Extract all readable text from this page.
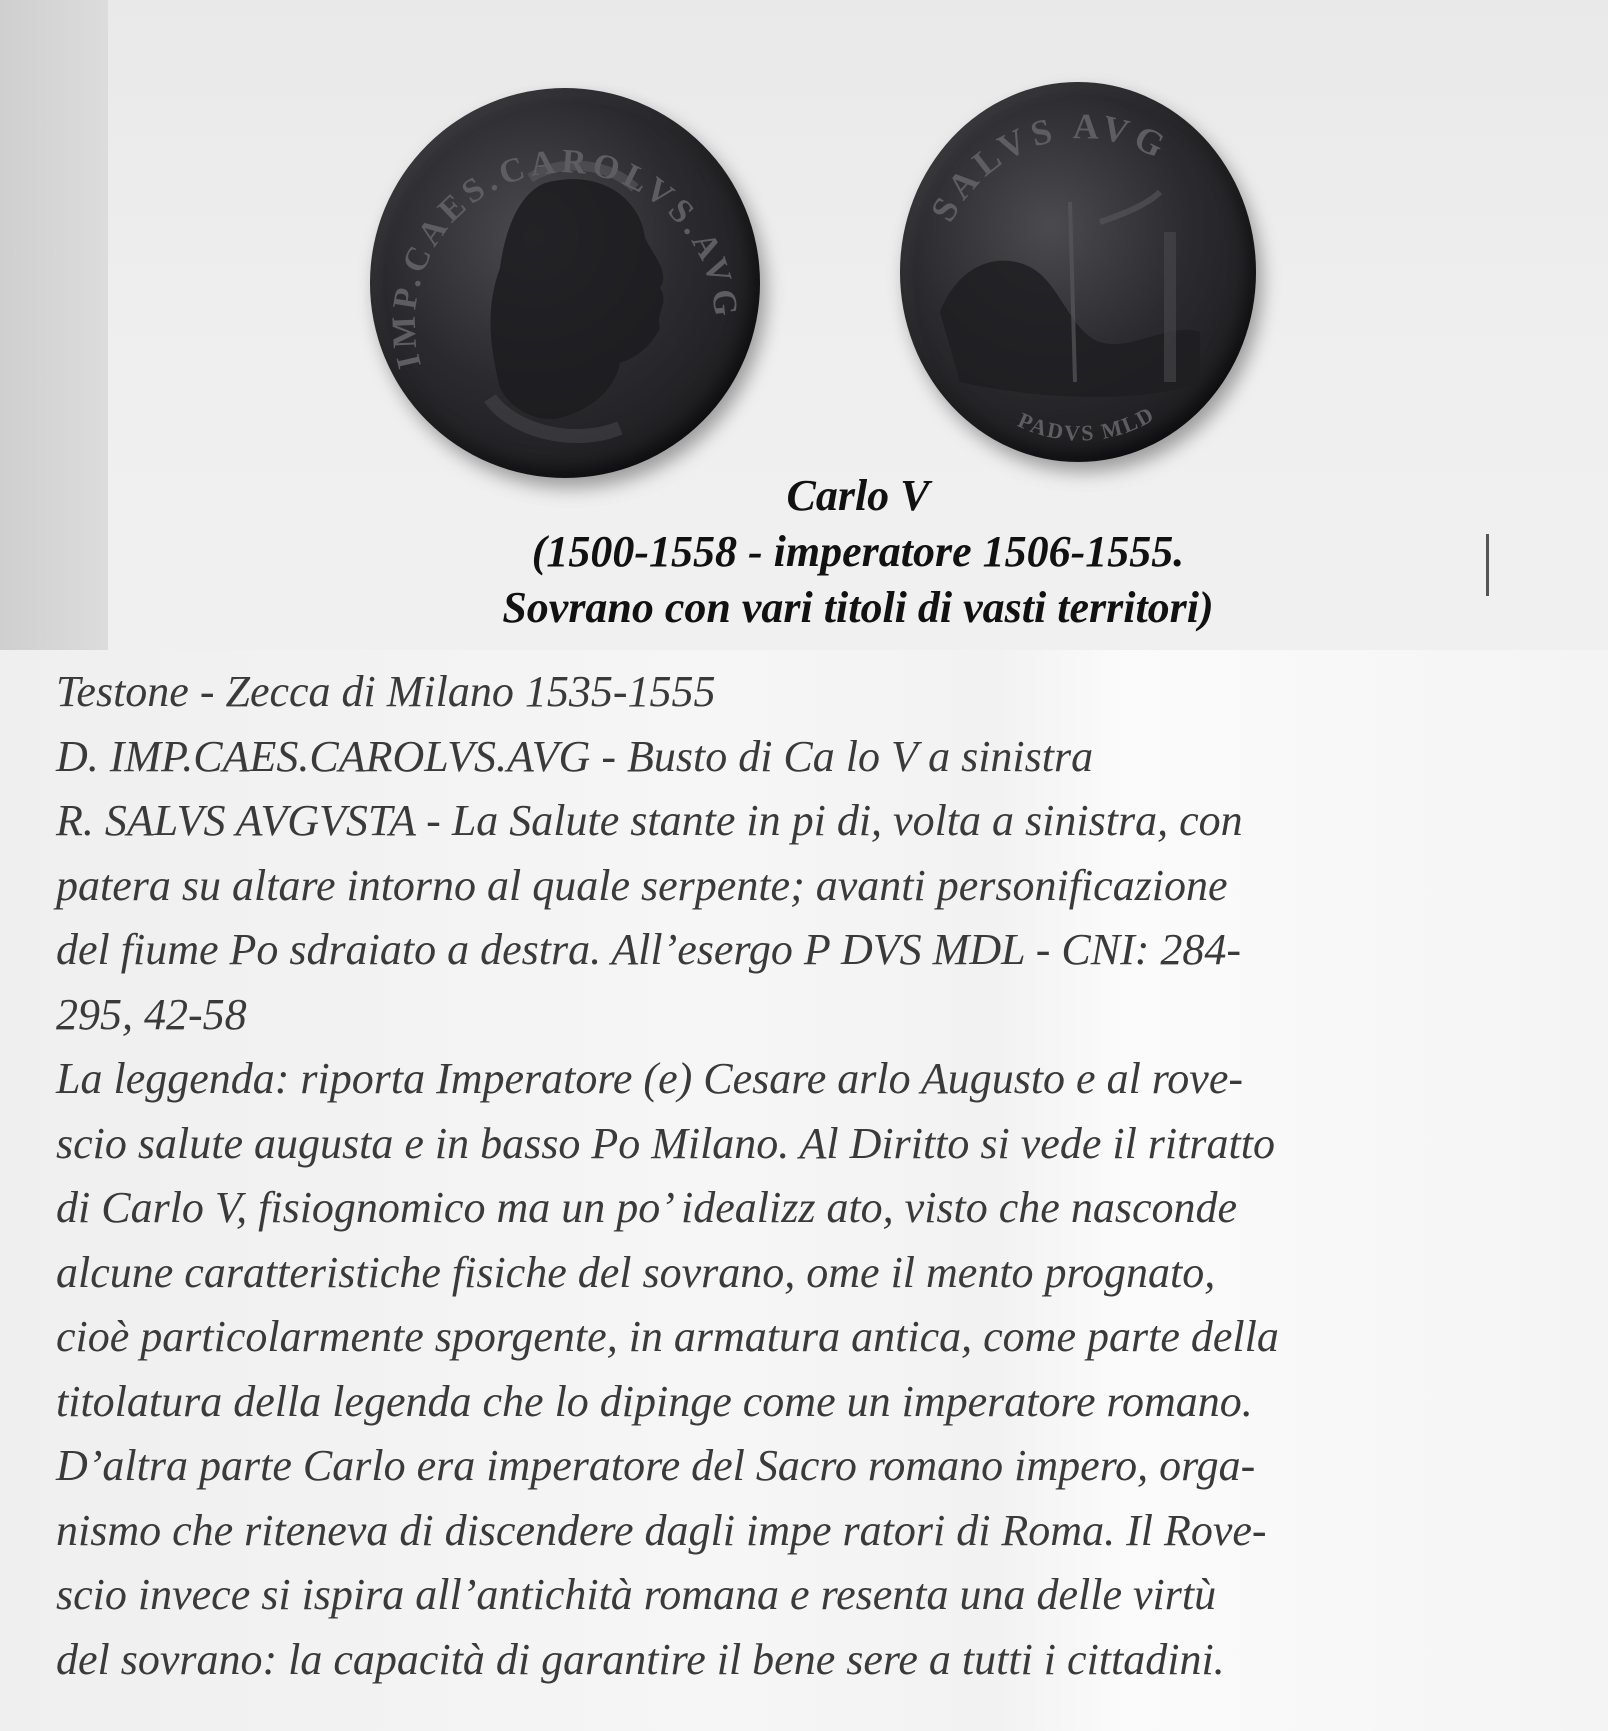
IMP.CAES.CAROLVS.AVG
SALVS AVG
PADVS MLD
Carlo V
(1500-1558 - imperatore 1506-1555.
Sovrano con vari titoli di vasti territori)
Testone - Zecca di Milano 1535-1555
D. IMP.CAES.CAROLVS.AVG - Busto di Ca lo V a sinistra
R. SALVS AVGVSTA - La Salute stante in pi di, volta a sinistra, con
patera su altare intorno al quale serpente; avanti personificazione
del fiume Po sdraiato a destra. All’esergo P DVS MDL - CNI: 284-
295, 42-58
La leggenda: riporta Imperatore (e) Cesare arlo Augusto e al rove-
scio salute augusta e in basso Po Milano. Al Diritto si vede il ritratto
di Carlo V, fisiognomico ma un po’ idealizz ato, visto che nasconde
alcune caratteristiche fisiche del sovrano, ome il mento prognato,
cioè particolarmente sporgente, in armatura antica, come parte della
titolatura della legenda che lo dipinge come un imperatore romano.
D’altra parte Carlo era imperatore del Sacro romano impero, orga-
nismo che riteneva di discendere dagli impe ratori di Roma. Il Rove-
scio invece si ispira all’antichità romana e resenta una delle virtù
del sovrano: la capacità di garantire il bene sere a tutti i cittadini.
